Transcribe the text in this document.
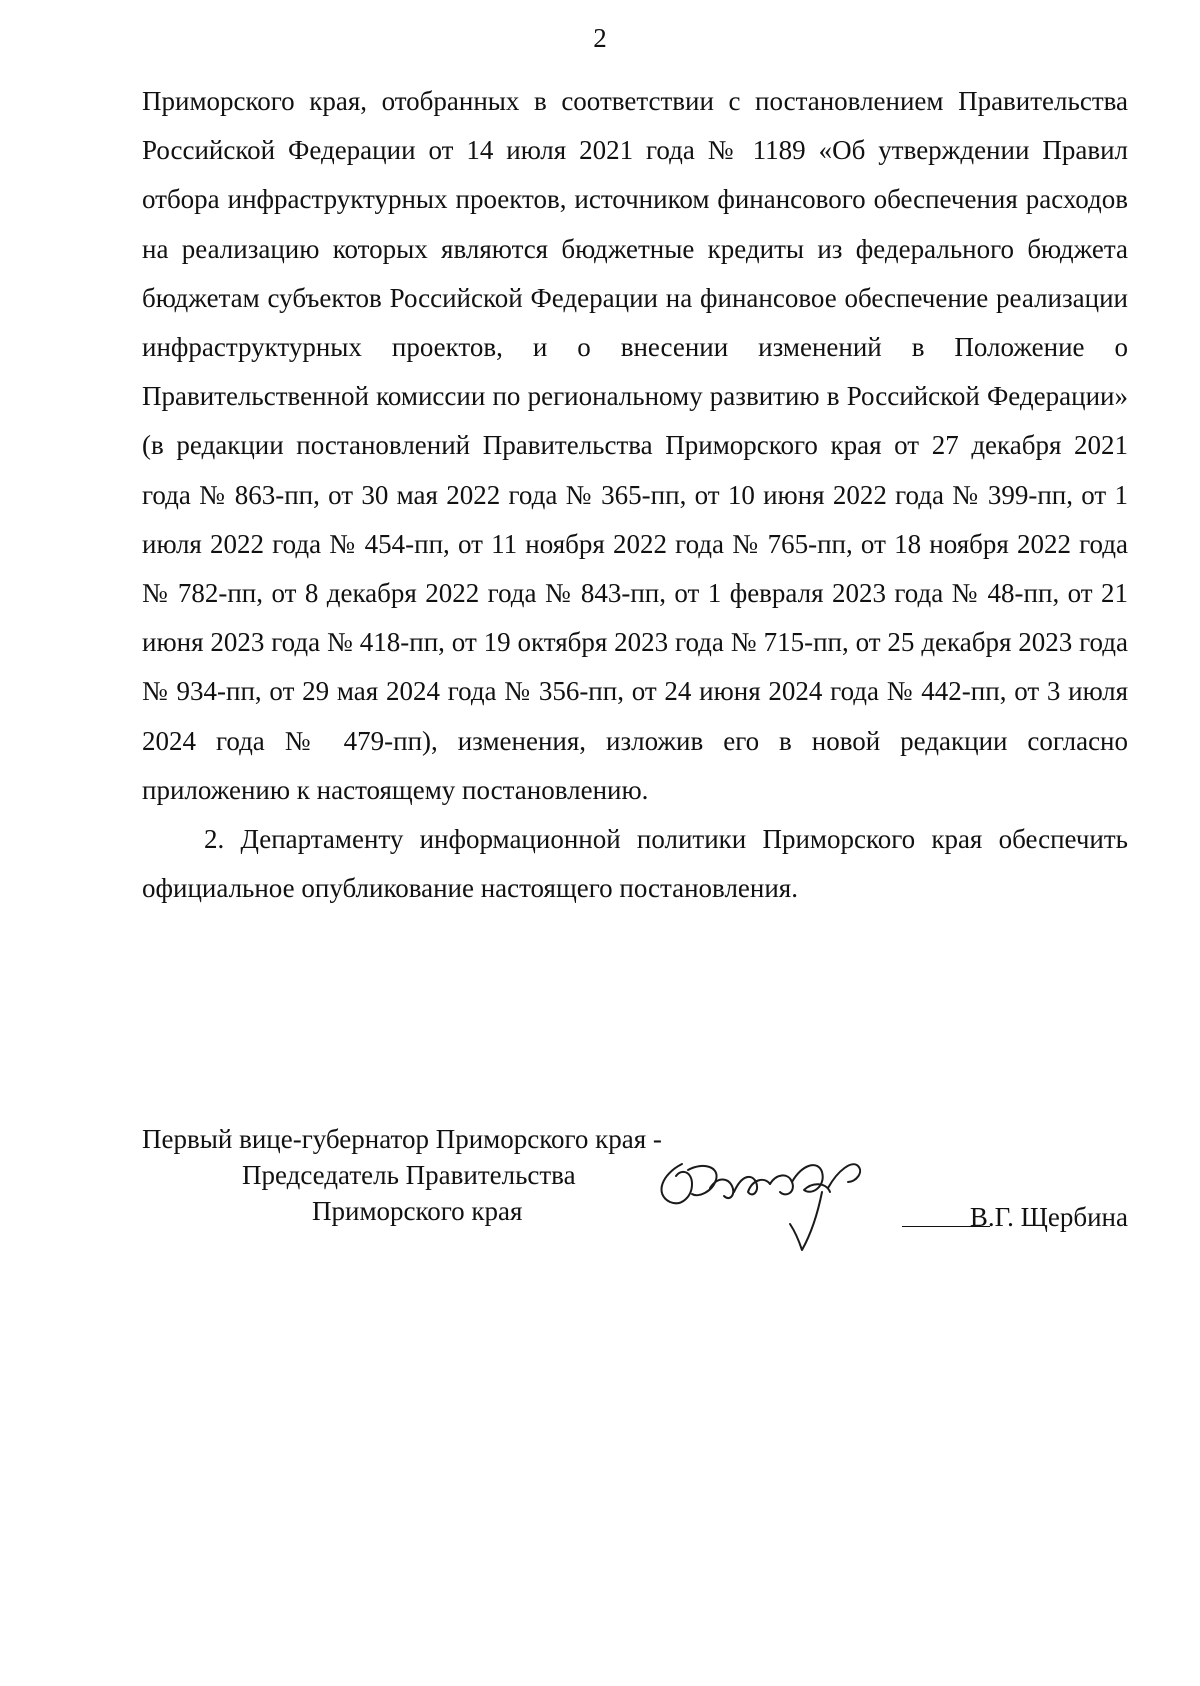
2

Приморского края, отобранных в соответствии с постановлением Правительства Российской Федерации от 14 июля 2021 года № 1189 «Об утверждении Правил отбора инфраструктурных проектов, источником финансового обеспечения расходов на реализацию которых являются бюджетные кредиты из федерального бюджета бюджетам субъектов Российской Федерации на финансовое обеспечение реализации инфраструктурных проектов, и о внесении изменений в Положение о Правительственной комиссии по региональному развитию в Российской Федерации» (в редакции постановлений Правительства Приморского края от 27 декабря 2021 года № 863-пп, от 30 мая 2022 года № 365-пп, от 10 июня 2022 года № 399-пп, от 1 июля 2022 года № 454-пп, от 11 ноября 2022 года № 765-пп, от 18 ноября 2022 года № 782-пп, от 8 декабря 2022 года № 843-пп, от 1 февраля 2023 года № 48-пп, от 21 июня 2023 года № 418-пп, от 19 октября 2023 года № 715-пп, от 25 декабря 2023 года № 934-пп, от 29 мая 2024 года № 356-пп, от 24 июня 2024 года № 442-пп, от 3 июля 2024 года № 479-пп), изменения, изложив его в новой редакции согласно приложению к настоящему постановлению.

2. Департаменту информационной политики Приморского края обеспечить официальное опубликование настоящего постановления.

Первый вице-губернатор Приморского края -
Председатель Правительства
Приморского края	В.Г. Щербина
